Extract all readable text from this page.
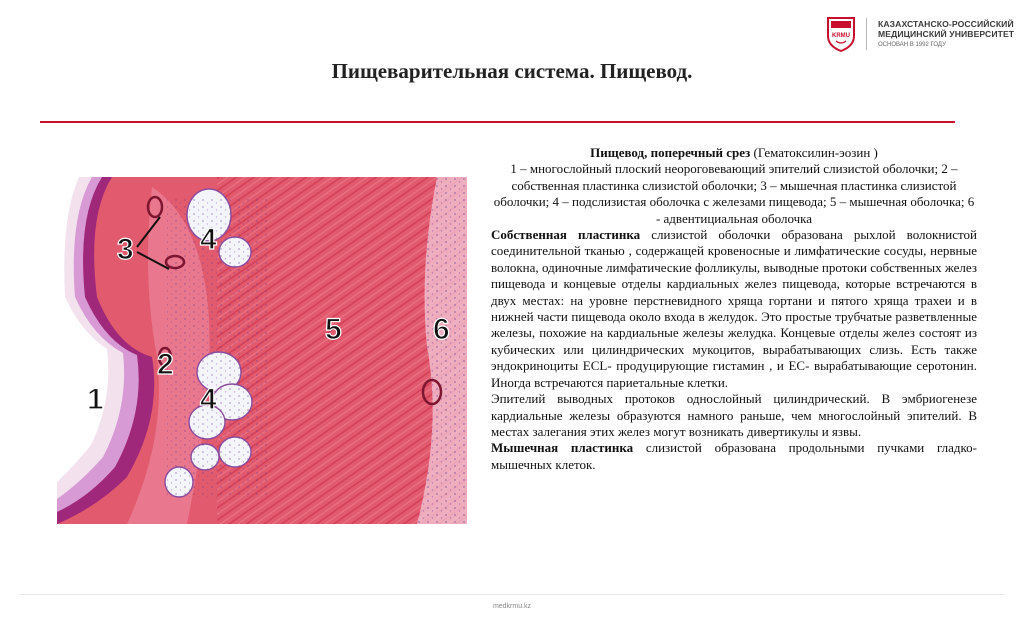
KRMU
КАЗАХСТАНСКО-РОССИЙСКИЙ
МЕДИЦИНСКИЙ УНИВЕРСИТЕТ
ОСНОВАН В 1992 ГОДУ
Пищеварительная система. Пищевод.
1
2
3 4
4
5	6

Пищевод, поперечный срез (Гематоксилин-эозин )
1 – многослойный плоский неороговевающий эпителий слизистой оболочки; 2 – собственная пластинка слизистой оболочки; 3 – мышечная пластинка слизистой оболочки; 4 – подслизистая оболочка с железами пищевода; 5 – мышечная оболочка; 6 - адвентициальная оболочка

Собственная пластинка слизистой оболочки образована рыхлой волокнистой соединительной тканью , содержащей кровеносные и лимфатические сосуды, нервные волокна, одиночные лимфатические фолликулы, выводные протоки собственных желез пищевода и концевые отделы кардиальных желез пищевода, которые встречаются в двух местах: на уровне перстневидного хряща гортани и пятого хряща трахеи и в нижней части пищевода около входа в желудок. Это простые трубчатые разветвленные железы, похожие на кардиальные железы желудка. Концевые отделы желез состоят из кубических или цилиндрических мукоцитов, вырабатывающих слизь. Есть также эндокриноциты ECL- продуцирующие гистамин , и EC- вырабатывающие серотонин. Иногда встречаются париетальные клетки.

Эпителий выводных протоков однослойный цилиндрический. В эмбриогенезе кардиальные железы образуются намного раньше, чем многослойный эпителий. В местах залегания этих желез могут возникать дивертикулы и язвы.

Мышечная пластинка слизистой образована продольными пучками гладко-мышечных клеток.

medkrmu.kz
